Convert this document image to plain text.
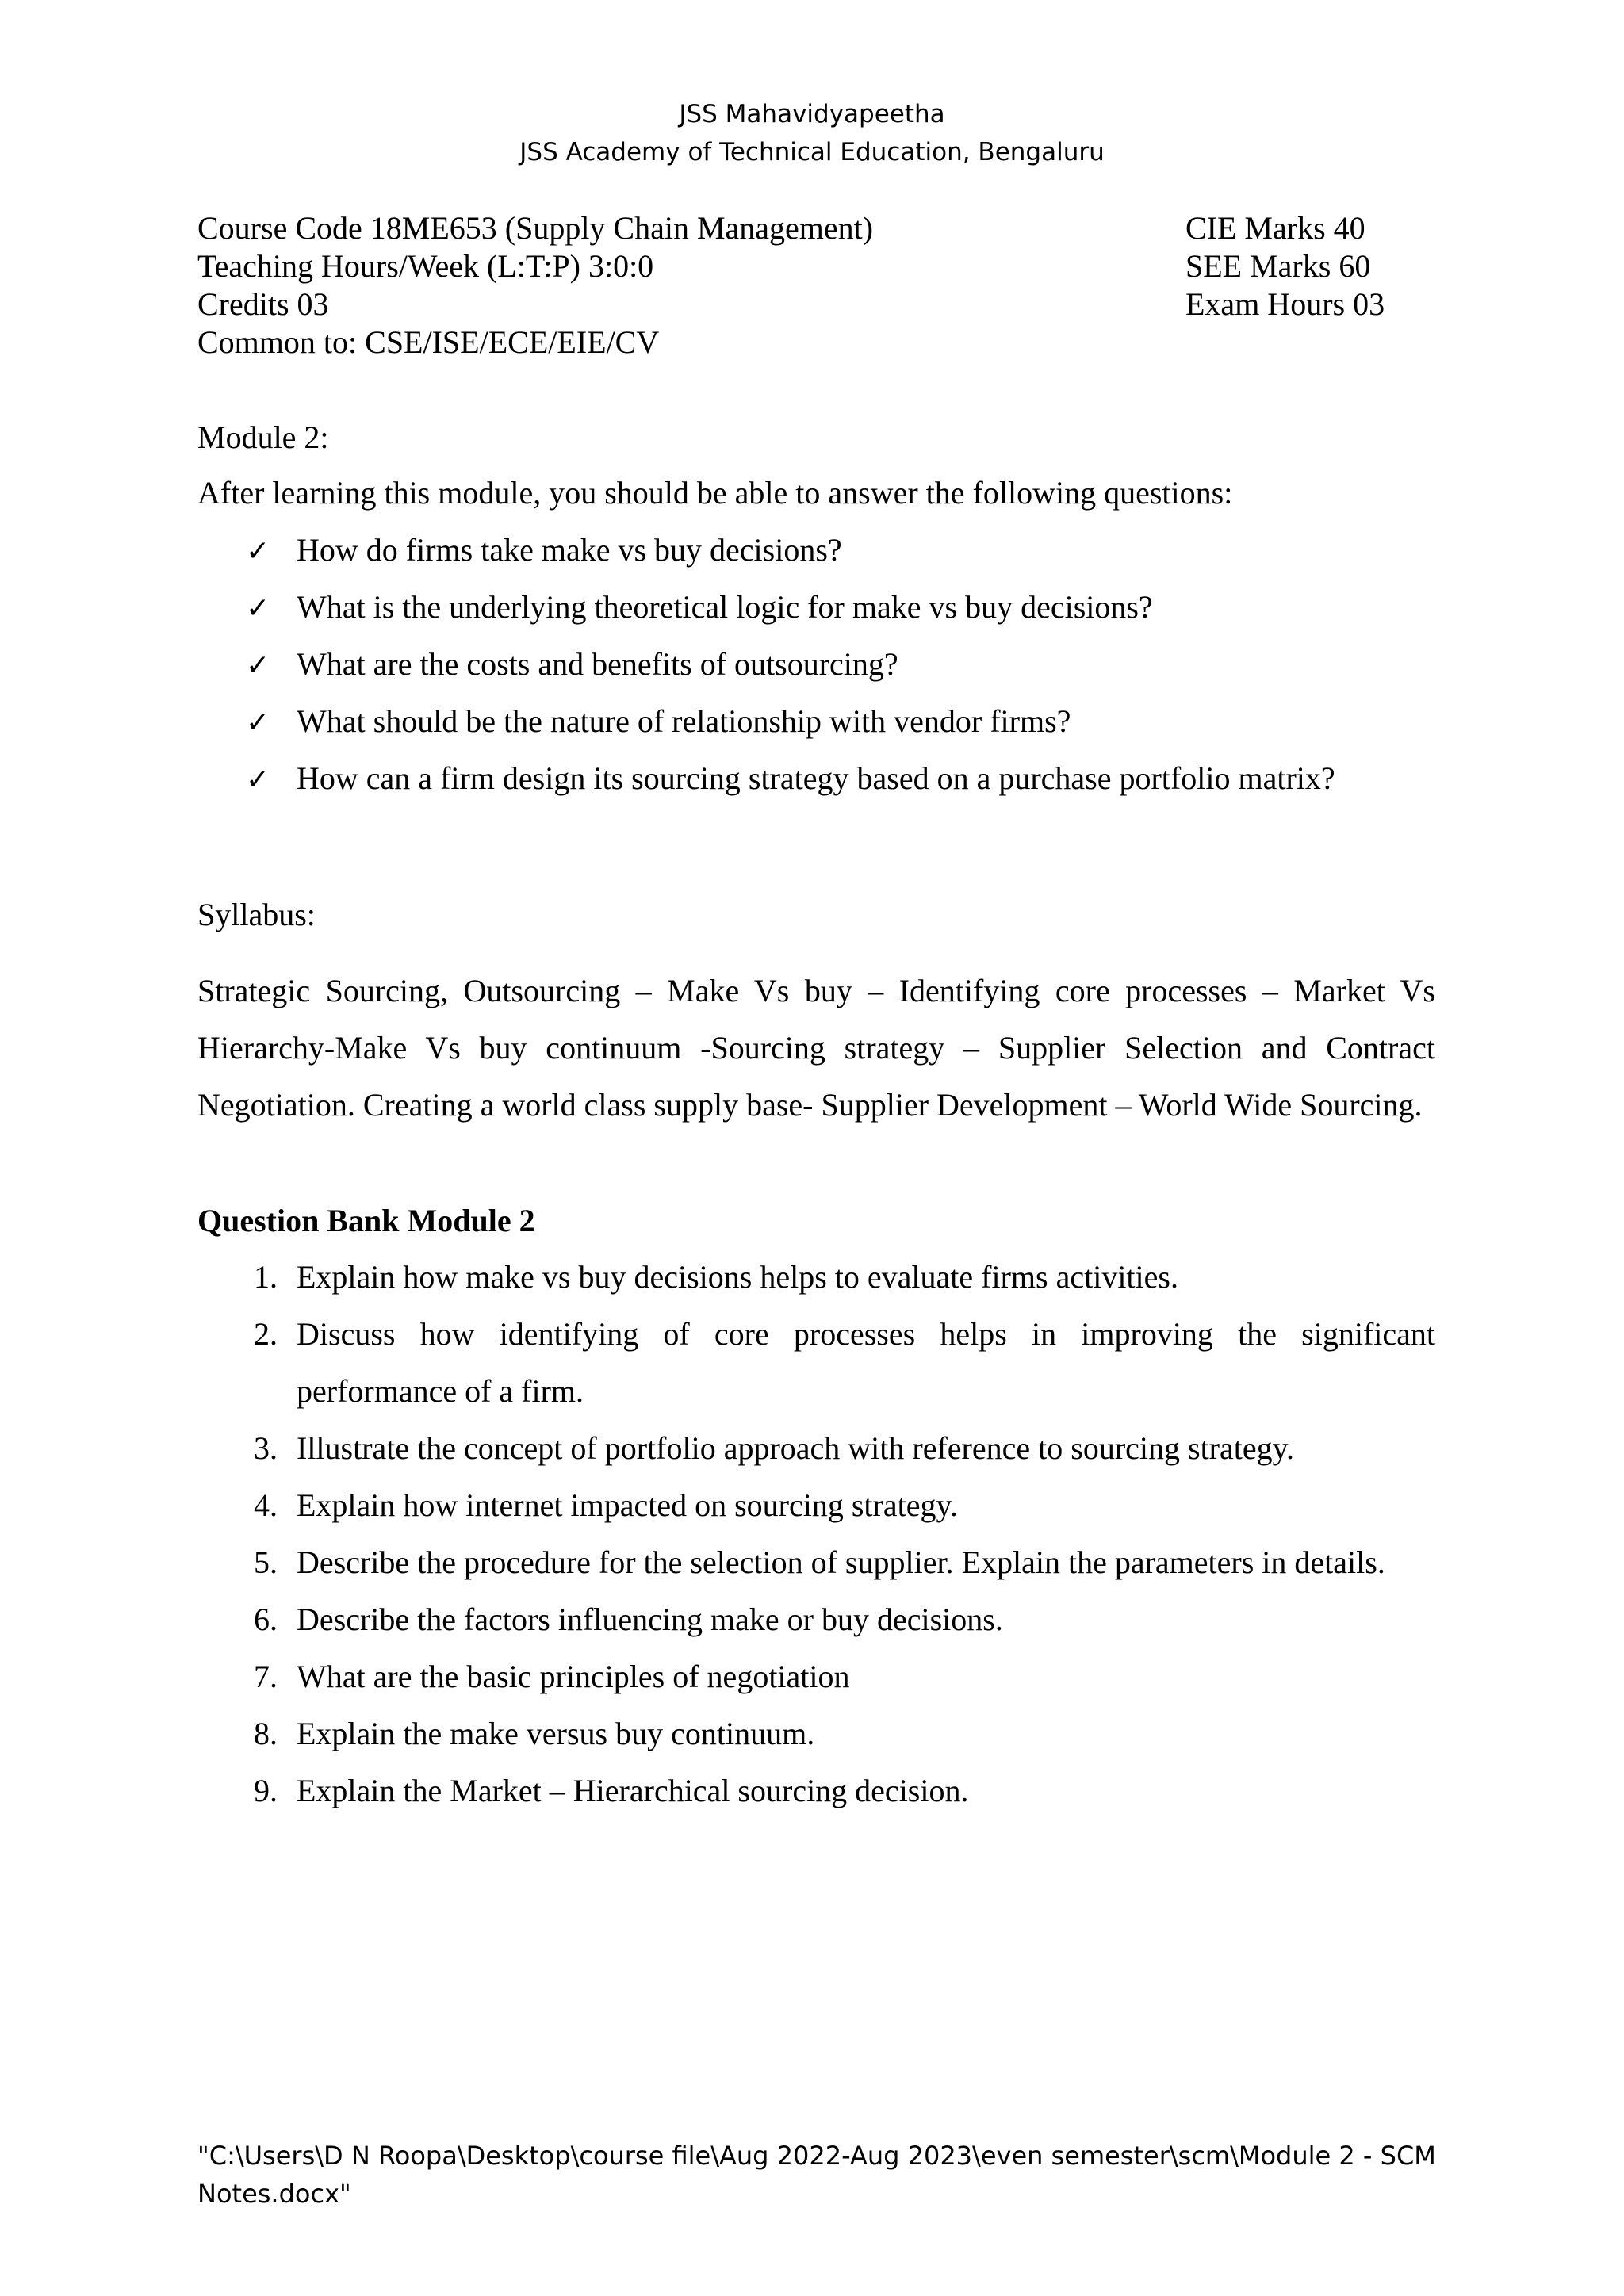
JSS Mahavidyapeetha
JSS Academy of Technical Education, Bengaluru
Course Code 18ME653 (Supply Chain Management)
Teaching Hours/Week (L:T:P) 3:0:0
Credits 03
Common to: CSE/ISE/ECE/EIE/CV
CIE Marks 40
SEE Marks 60
Exam Hours 03
Module 2:
After learning this module, you should be able to answer the following questions:
✓ How do firms take make vs buy decisions?
✓ What is the underlying theoretical logic for make vs buy decisions?
✓ What are the costs and benefits of outsourcing?
✓ What should be the nature of relationship with vendor firms?
✓ How can a firm design its sourcing strategy based on a purchase portfolio matrix?
Syllabus:
Strategic Sourcing, Outsourcing – Make Vs buy – Identifying core processes – Market Vs Hierarchy-Make Vs buy continuum -Sourcing strategy – Supplier Selection and Contract Negotiation. Creating a world class supply base- Supplier Development – World Wide Sourcing.
Question Bank Module 2
1. Explain how make vs buy decisions helps to evaluate firms activities.
2. Discuss how identifying of core processes helps in improving the significant performance of a firm.
3. Illustrate the concept of portfolio approach with reference to sourcing strategy.
4. Explain how internet impacted on sourcing strategy.
5. Describe the procedure for the selection of supplier. Explain the parameters in details.
6. Describe the factors influencing make or buy decisions.
7. What are the basic principles of negotiation
8. Explain the make versus buy continuum.
9. Explain the Market – Hierarchical sourcing decision.
"C:\Users\D N Roopa\Desktop\course file\Aug 2022-Aug 2023\even semester\scm\Module 2 - SCM Notes.docx"
